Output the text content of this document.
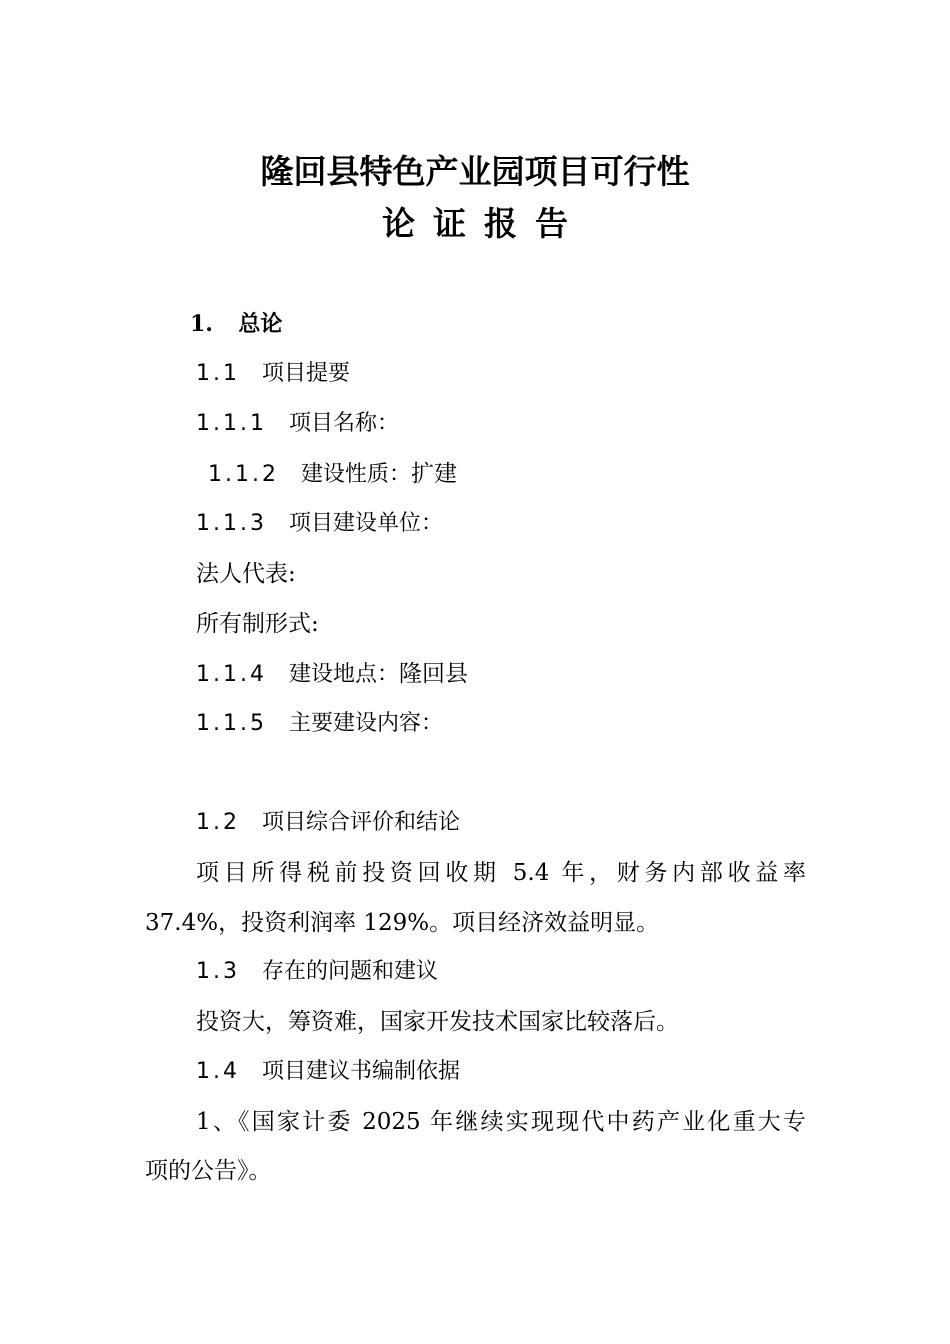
隆回县特色产业园项目可行性
论证报告
1. 总论
1.1 项目提要
1.1.1 项目名称：
1.1.2 建设性质：扩建
1.1.3 项目建设单位：
法人代表:
所有制形式:
1.1.4 建设地点：隆回县
1.1.5 主要建设内容：
1.2 项目综合评价和结论
项目所得税前投资回收期 5.4 年，财务内部收益率
37.4%，投资利润率 129%。项目经济效益明显。
1.3 存在的问题和建议
投资大，筹资难，国家开发技术国家比较落后。
1.4 项目建议书编制依据
1、《国家计委 2025 年继续实现现代中药产业化重大专
项的公告》。
